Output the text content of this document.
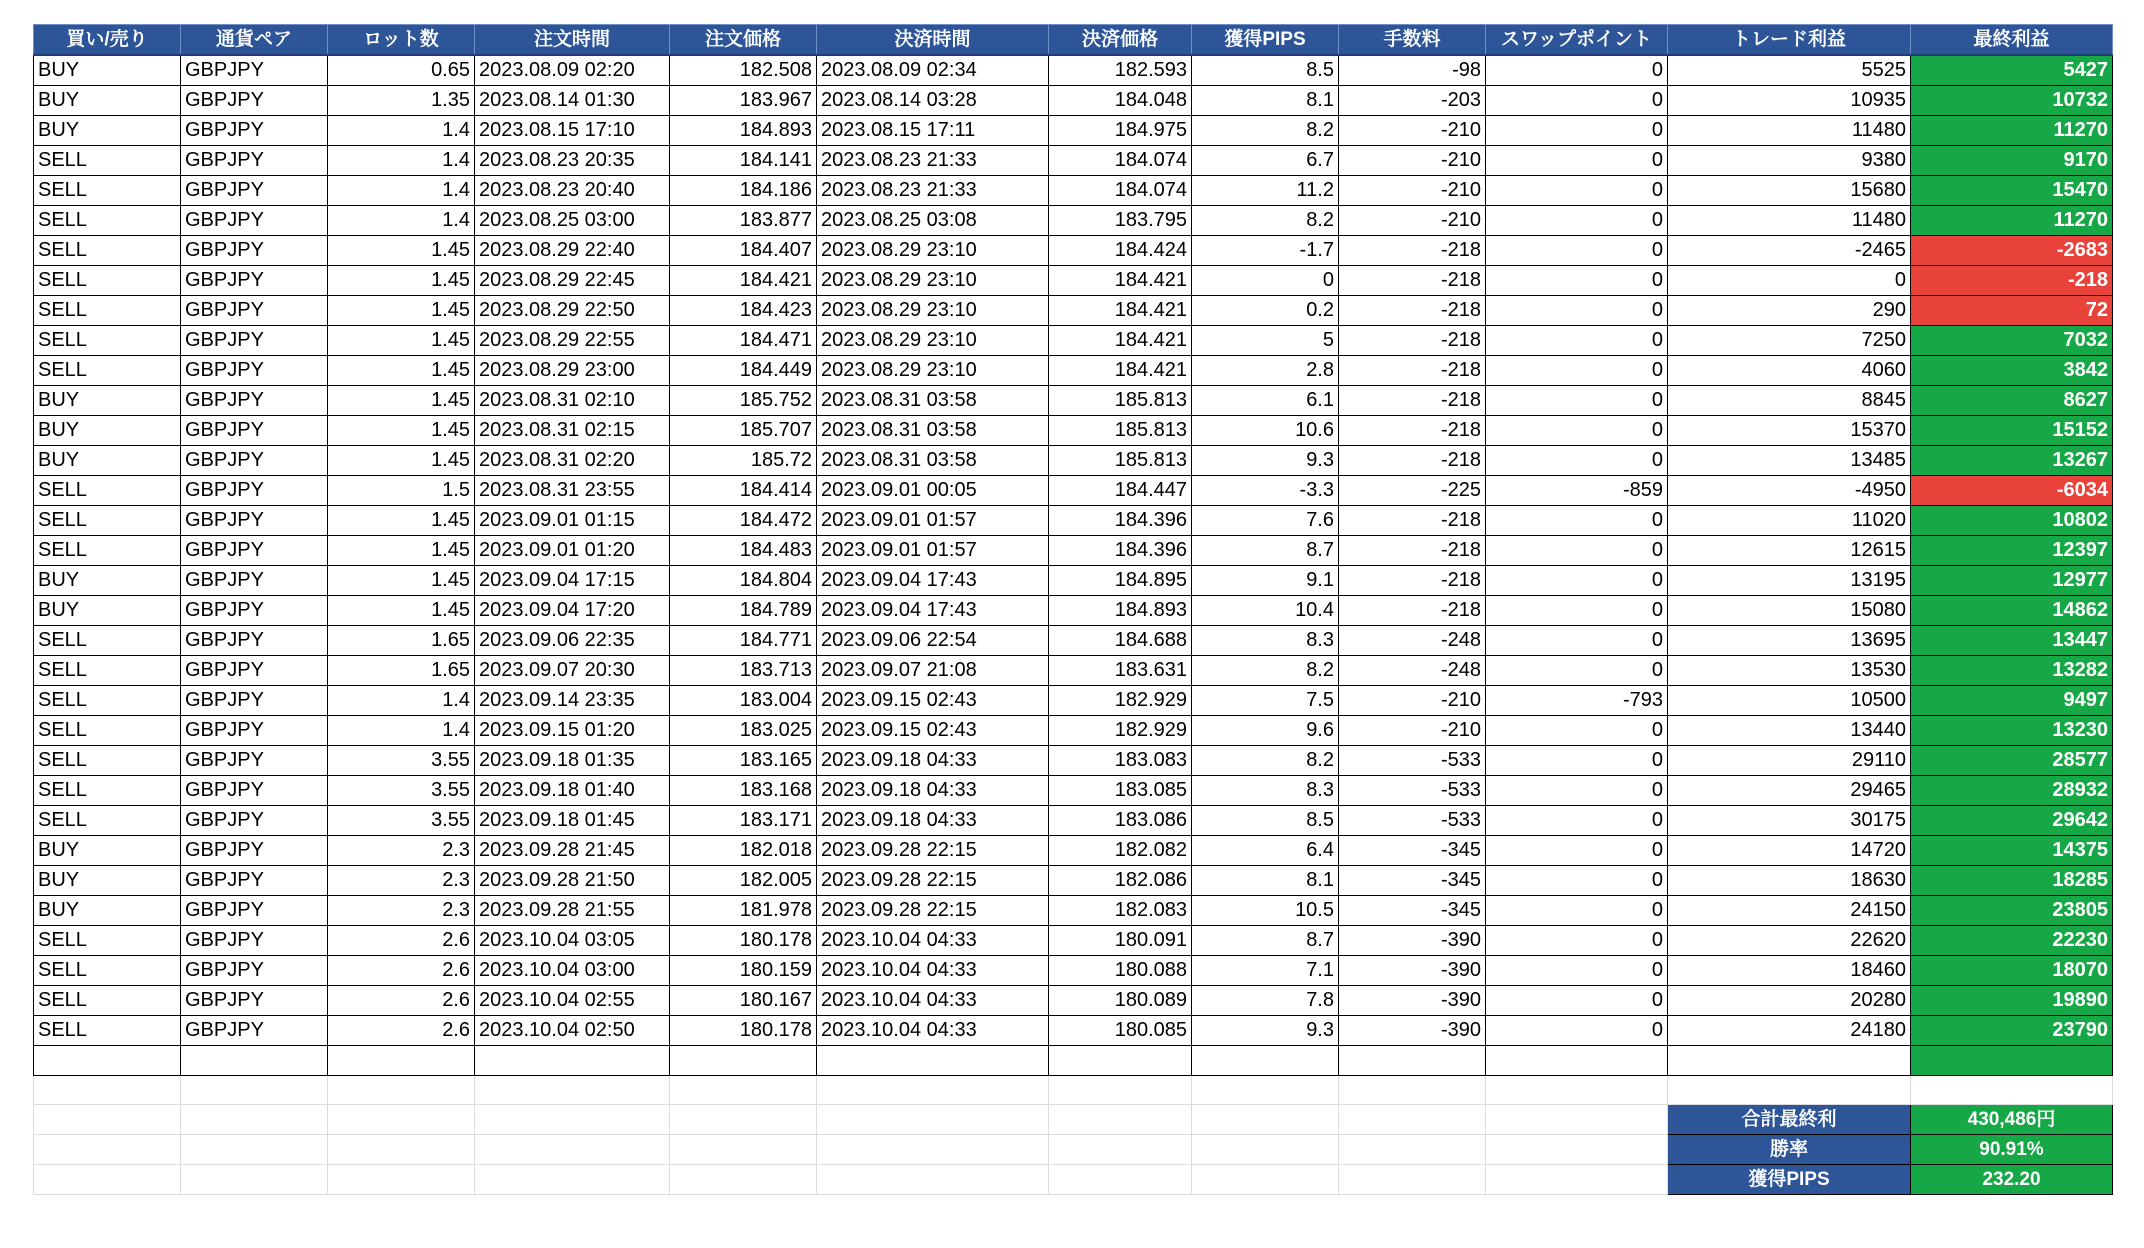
買い/売り	通貨ペア	ロット数	注文時間	注文価格	決済時間	決済価格	獲得PIPS	手数料	スワップポイント	トレード利益	最終利益
BUY	GBPJPY	0.65	2023.08.09 02:20	182.508	2023.08.09 02:34	182.593	8.5	-98	0	5525	5427
BUY	GBPJPY	1.35	2023.08.14 01:30	183.967	2023.08.14 03:28	184.048	8.1	-203	0	10935	10732
BUY	GBPJPY	1.4	2023.08.15 17:10	184.893	2023.08.15 17:11	184.975	8.2	-210	0	11480	11270
SELL	GBPJPY	1.4	2023.08.23 20:35	184.141	2023.08.23 21:33	184.074	6.7	-210	0	9380	9170
SELL	GBPJPY	1.4	2023.08.23 20:40	184.186	2023.08.23 21:33	184.074	11.2	-210	0	15680	15470
SELL	GBPJPY	1.4	2023.08.25 03:00	183.877	2023.08.25 03:08	183.795	8.2	-210	0	11480	11270
SELL	GBPJPY	1.45	2023.08.29 22:40	184.407	2023.08.29 23:10	184.424	-1.7	-218	0	-2465	-2683
SELL	GBPJPY	1.45	2023.08.29 22:45	184.421	2023.08.29 23:10	184.421	0	-218	0	0	-218
SELL	GBPJPY	1.45	2023.08.29 22:50	184.423	2023.08.29 23:10	184.421	0.2	-218	0	290	72
SELL	GBPJPY	1.45	2023.08.29 22:55	184.471	2023.08.29 23:10	184.421	5	-218	0	7250	7032
SELL	GBPJPY	1.45	2023.08.29 23:00	184.449	2023.08.29 23:10	184.421	2.8	-218	0	4060	3842
BUY	GBPJPY	1.45	2023.08.31 02:10	185.752	2023.08.31 03:58	185.813	6.1	-218	0	8845	8627
BUY	GBPJPY	1.45	2023.08.31 02:15	185.707	2023.08.31 03:58	185.813	10.6	-218	0	15370	15152
BUY	GBPJPY	1.45	2023.08.31 02:20	185.72	2023.08.31 03:58	185.813	9.3	-218	0	13485	13267
SELL	GBPJPY	1.5	2023.08.31 23:55	184.414	2023.09.01 00:05	184.447	-3.3	-225	-859	-4950	-6034
SELL	GBPJPY	1.45	2023.09.01 01:15	184.472	2023.09.01 01:57	184.396	7.6	-218	0	11020	10802
SELL	GBPJPY	1.45	2023.09.01 01:20	184.483	2023.09.01 01:57	184.396	8.7	-218	0	12615	12397
BUY	GBPJPY	1.45	2023.09.04 17:15	184.804	2023.09.04 17:43	184.895	9.1	-218	0	13195	12977
BUY	GBPJPY	1.45	2023.09.04 17:20	184.789	2023.09.04 17:43	184.893	10.4	-218	0	15080	14862
SELL	GBPJPY	1.65	2023.09.06 22:35	184.771	2023.09.06 22:54	184.688	8.3	-248	0	13695	13447
SELL	GBPJPY	1.65	2023.09.07 20:30	183.713	2023.09.07 21:08	183.631	8.2	-248	0	13530	13282
SELL	GBPJPY	1.4	2023.09.14 23:35	183.004	2023.09.15 02:43	182.929	7.5	-210	-793	10500	9497
SELL	GBPJPY	1.4	2023.09.15 01:20	183.025	2023.09.15 02:43	182.929	9.6	-210	0	13440	13230
SELL	GBPJPY	3.55	2023.09.18 01:35	183.165	2023.09.18 04:33	183.083	8.2	-533	0	29110	28577
SELL	GBPJPY	3.55	2023.09.18 01:40	183.168	2023.09.18 04:33	183.085	8.3	-533	0	29465	28932
SELL	GBPJPY	3.55	2023.09.18 01:45	183.171	2023.09.18 04:33	183.086	8.5	-533	0	30175	29642
BUY	GBPJPY	2.3	2023.09.28 21:45	182.018	2023.09.28 22:15	182.082	6.4	-345	0	14720	14375
BUY	GBPJPY	2.3	2023.09.28 21:50	182.005	2023.09.28 22:15	182.086	8.1	-345	0	18630	18285
BUY	GBPJPY	2.3	2023.09.28 21:55	181.978	2023.09.28 22:15	182.083	10.5	-345	0	24150	23805
SELL	GBPJPY	2.6	2023.10.04 03:05	180.178	2023.10.04 04:33	180.091	8.7	-390	0	22620	22230
SELL	GBPJPY	2.6	2023.10.04 03:00	180.159	2023.10.04 04:33	180.088	7.1	-390	0	18460	18070
SELL	GBPJPY	2.6	2023.10.04 02:55	180.167	2023.10.04 04:33	180.089	7.8	-390	0	20280	19890
SELL	GBPJPY	2.6	2023.10.04 02:50	180.178	2023.10.04 04:33	180.085	9.3	-390	0	24180	23790

										合計最終利	430,486円
										勝率	90.91%
										獲得PIPS	232.20
